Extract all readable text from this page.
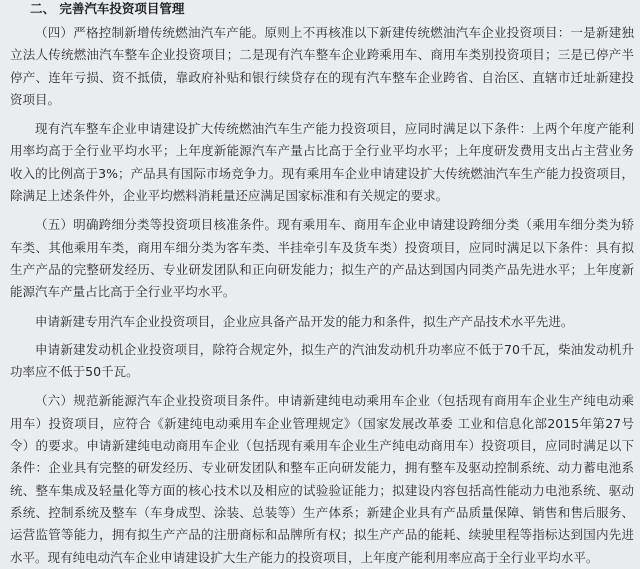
二、 完善汽车投资项目管理

（四）严格控制新增传统燃油汽车产能。原则上不再核准以下新建传统燃油汽车企业投资项目：一是新建独立法人传统燃油汽车整车企业投资项目；二是现有汽车整车企业跨乘用车、商用车类别投资项目；三是已停产半停产、连年亏损、资不抵债，靠政府补贴和银行续贷存在的现有汽车整车企业跨省、自治区、直辖市迁址新建投资项目。

现有汽车整车企业申请建设扩大传统燃油汽车生产能力投资项目，应同时满足以下条件：上两个年度产能利用率均高于全行业平均水平；上年度新能源汽车产量占比高于全行业平均水平；上年度研发费用支出占主营业务收入的比例高于3%；产品具有国际市场竞争力。现有乘用车企业申请建设扩大传统燃油汽车生产能力投资项目，除满足上述条件外，企业平均燃料消耗量还应满足国家标准和有关规定的要求。

（五）明确跨细分类等投资项目核准条件。现有乘用车、商用车企业申请建设跨细分类（乘用车细分类为轿车类、其他乘用车类，商用车细分类为客车类、半挂牵引车及货车类）投资项目，应同时满足以下条件：具有拟生产产品的完整研发经历、专业研发团队和正向研发能力；拟生产的产品达到国内同类产品先进水平；上年度新能源汽车产量占比高于全行业平均水平。

申请新建专用汽车企业投资项目，企业应具备产品开发的能力和条件，拟生产产品技术水平先进。

申请新建发动机企业投资项目，除符合规定外，拟生产的汽油发动机升功率应不低于70千瓦，柴油发动机升功率应不低于50千瓦。

（六）规范新能源汽车企业投资项目条件。申请新建纯电动乘用车企业（包括现有商用车企业生产纯电动乘用车）投资项目，应符合《新建纯电动乘用车企业管理规定》（国家发展改革委 工业和信息化部2015年第27号令）的要求。申请新建纯电动商用车企业（包括现有乘用车企业生产纯电动商用车）投资项目，应同时满足以下条件：企业具有完整的研发经历、专业研发团队和整车正向研发能力，拥有整车及驱动控制系统、动力蓄电池系统、整车集成及轻量化等方面的核心技术以及相应的试验验证能力；拟建设内容包括高性能动力电池系统、驱动系统、控制系统及整车（车身成型、涂装、总装等）生产体系；新建企业具有产品质量保障、销售和售后服务、运营监管等能力，拥有拟生产产品的注册商标和品牌所有权；拟生产产品的能耗、续驶里程等指标达到国内先进水平。现有纯电动汽车企业申请建设扩大生产能力的投资项目，上年度产能利用率应高于全行业平均水平。
